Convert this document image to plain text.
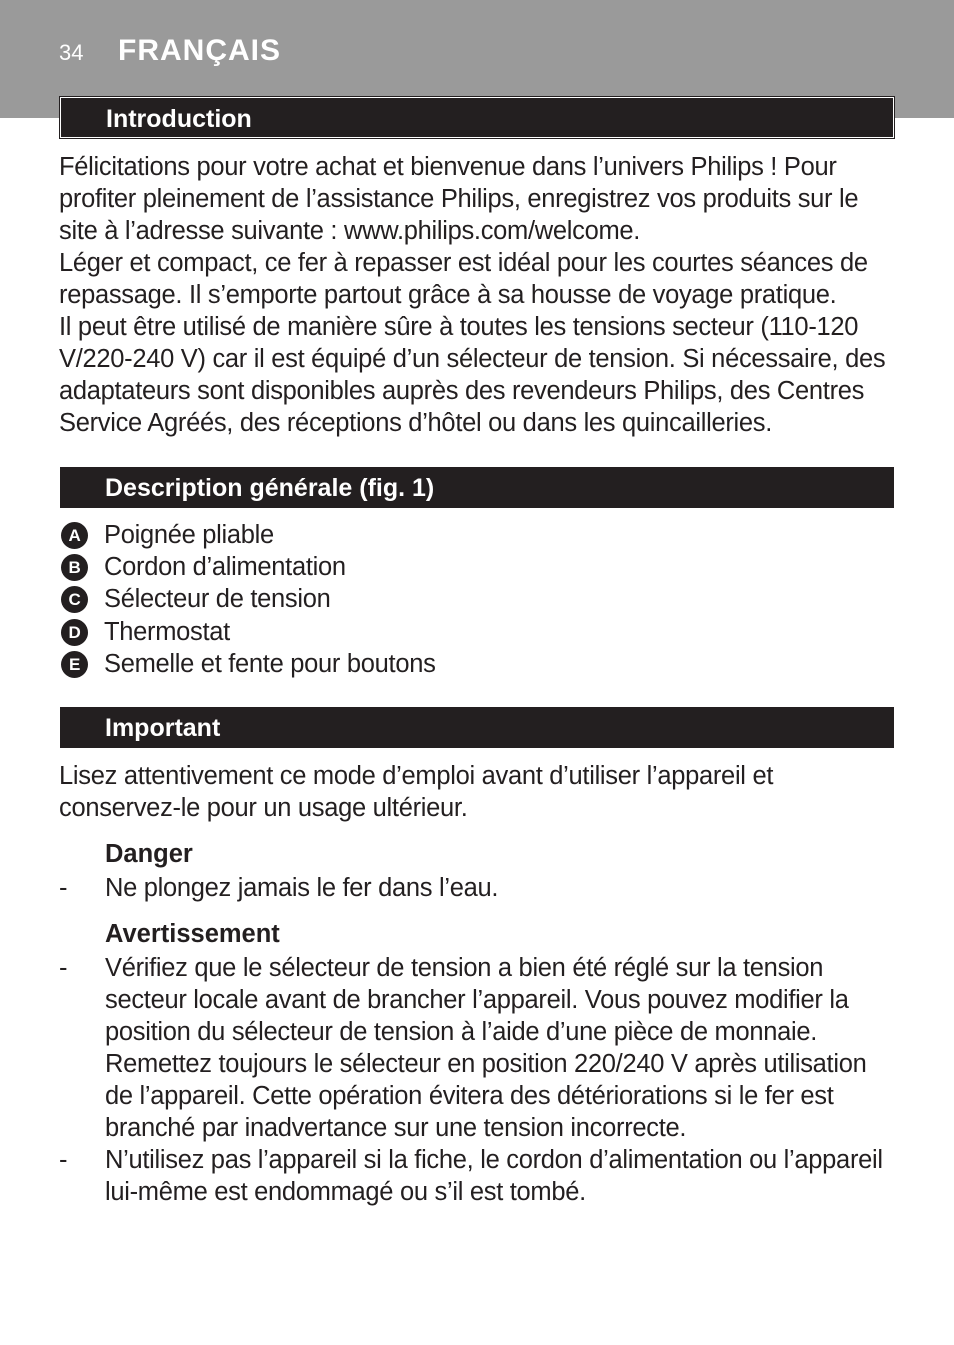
34 FRANÇAIS
Introduction

Félicitations pour votre achat et bienvenue dans l’univers Philips ! Pour profiter pleinement de l’assistance Philips, enregistrez vos produits sur le site à l’adresse suivante : www.philips.com/welcome.

Léger et compact, ce fer à repasser est idéal pour les courtes séances de repassage. Il s’emporte partout grâce à sa housse de voyage pratique.

Il peut être utilisé de manière sûre à toutes les tensions secteur (110-120 V/220-240 V) car il est équipé d’un sélecteur de tension. Si nécessaire, des adaptateurs sont disponibles auprès des revendeurs Philips, des Centres Service Agréés, des réceptions d’hôtel ou dans les quincailleries.

Description générale (fig. 1)
A Poignée pliable
B Cordon d’alimentation
C Sélecteur de tension
D Thermostat
E Semelle et fente pour boutons
Important

Lisez attentivement ce mode d’emploi avant d’utiliser l’appareil et conservez-le pour un usage ultérieur.

Danger
-	Ne plongez jamais le fer dans l’eau.
Avertissement
-	Vérifiez que le sélecteur de tension a bien été réglé sur la tension secteur locale avant de brancher l’appareil. Vous pouvez modifier la position du sélecteur de tension à l’aide d’une pièce de monnaie. Remettez toujours le sélecteur en position 220/240 V après utilisation de l’appareil. Cette opération évitera des détériorations si le fer est branché par inadvertance sur une tension incorrecte.
-	N’utilisez pas l’appareil si la fiche, le cordon d’alimentation ou l’appareil lui-même est endommagé ou s’il est tombé.
